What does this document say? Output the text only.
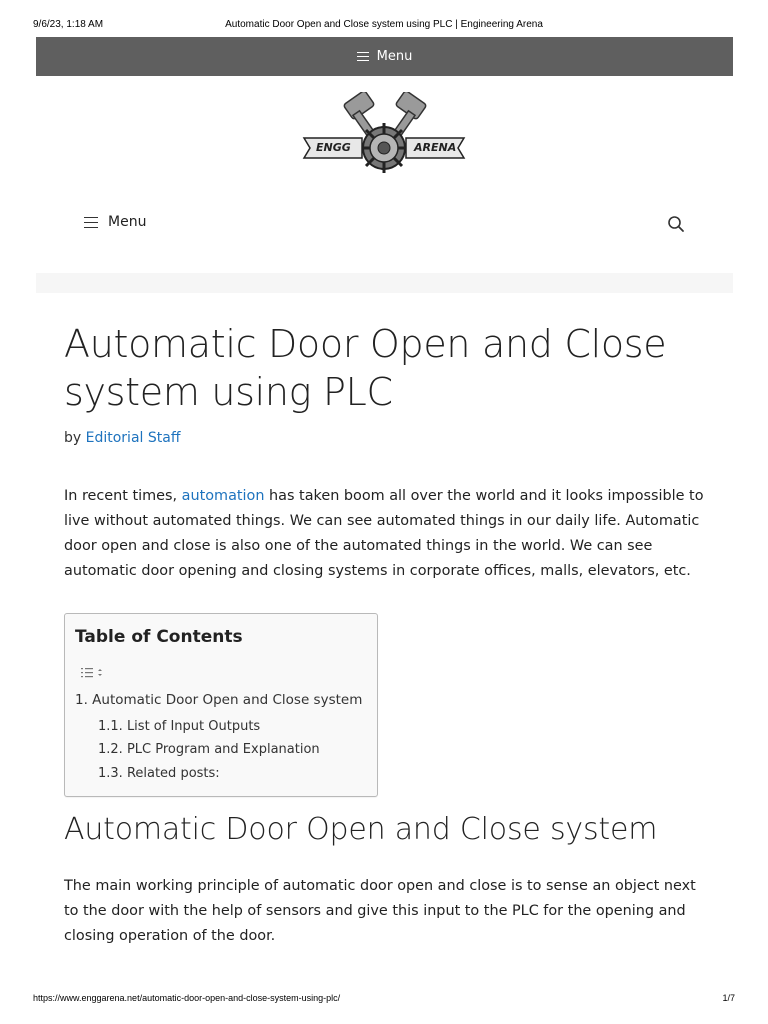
9/6/23, 1:18 AM	Automatic Door Open and Close system using PLC | Engineering Arena
Menu
ENGG	ARENA
Menu
Automatic Door Open and Close
system using PLC
by Editorial Staff

In recent times, automation has taken boom all over the world and it looks impossible to live without automated things. We can see automated things in our daily life. Automatic door open and close is also one of the automated things in the world. We can see automatic door opening and closing systems in corporate offices, malls, elevators, etc.

Table of Contents
1. Automatic Door Open and Close system
1.1. List of Input Outputs
1.2. PLC Program and Explanation
1.3. Related posts:
Automatic Door Open and Close system

The main working principle of automatic door open and close is to sense an object next to the door with the help of sensors and give this input to the PLC for the opening and closing operation of the door.

https://www.enggarena.net/automatic-door-open-and-close-system-using-plc/	1/7
